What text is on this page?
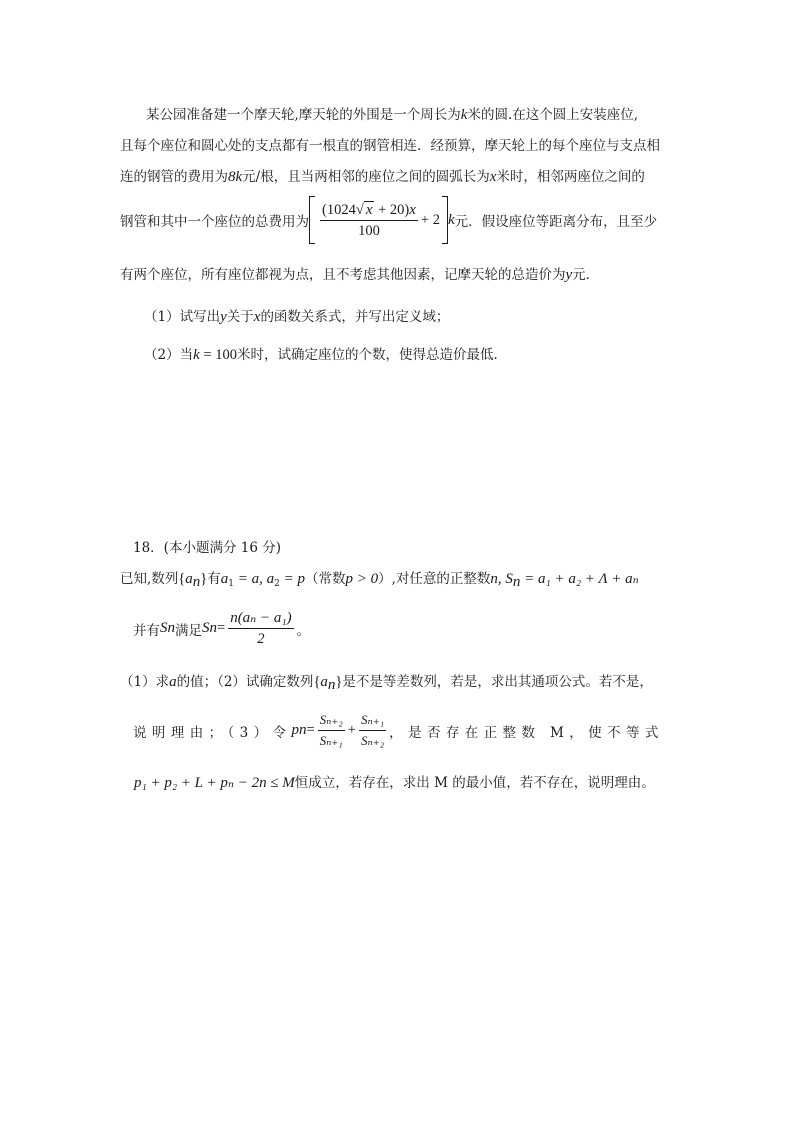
某公园准备建一个摩天轮,摩天轮的外围是一个周长为k米的圆.在这个圆上安装座位,
且每个座位和圆心处的支点都有一根直的钢管相连．经预算，摩天轮上的每个座位与支点相
连的钢管的费用为8k元/根，且当两相邻的座位之间的圆弧长为x米时，相邻两座位之间的
钢管和其中一个座位的总费用为 $\frac{(1024√ x + 20)x}{100} + 2$ k 元．假设座位等距离分布，且至少
有两个座位，所有座位都视为点，且不考虑其他因素，记摩天轮的总造价为y元．
（1）试写出y关于x的函数关系式，并写出定义域；
（2）当k = 100米时，试确定座位的个数，使得总造价最低．
18．(本小题满分 16 分)
已知,数列$\{a_n\}$有$a_1 = a$, $a_2 = p$（常数p > 0）,对任意的正整数n, $S_n = a_1 + a_2 + \Lambda + a_n$
并有 S n 满足 S $n = \frac{\text{n(aₙ − a₁)}}{2}$ 。
（1）求a的值；（2）试确定数列$\{a_n\}$是不是等差数列，若是，求出其通项公式。若不是，
说明理由；（3）令 p $n = \frac{\text{Sₙ₊₂}}{\text{Sₙ₊₁}} + \frac{\text{Sₙ₊₁}}{\text{Sₙ₊₂}}$ ，是否存在正整数 M，使不等式
p₁ + p₂ + L + pₙ − 2n ≤ M恒成立，若存在，求出 M 的最小值，若不存在，说明理由。
